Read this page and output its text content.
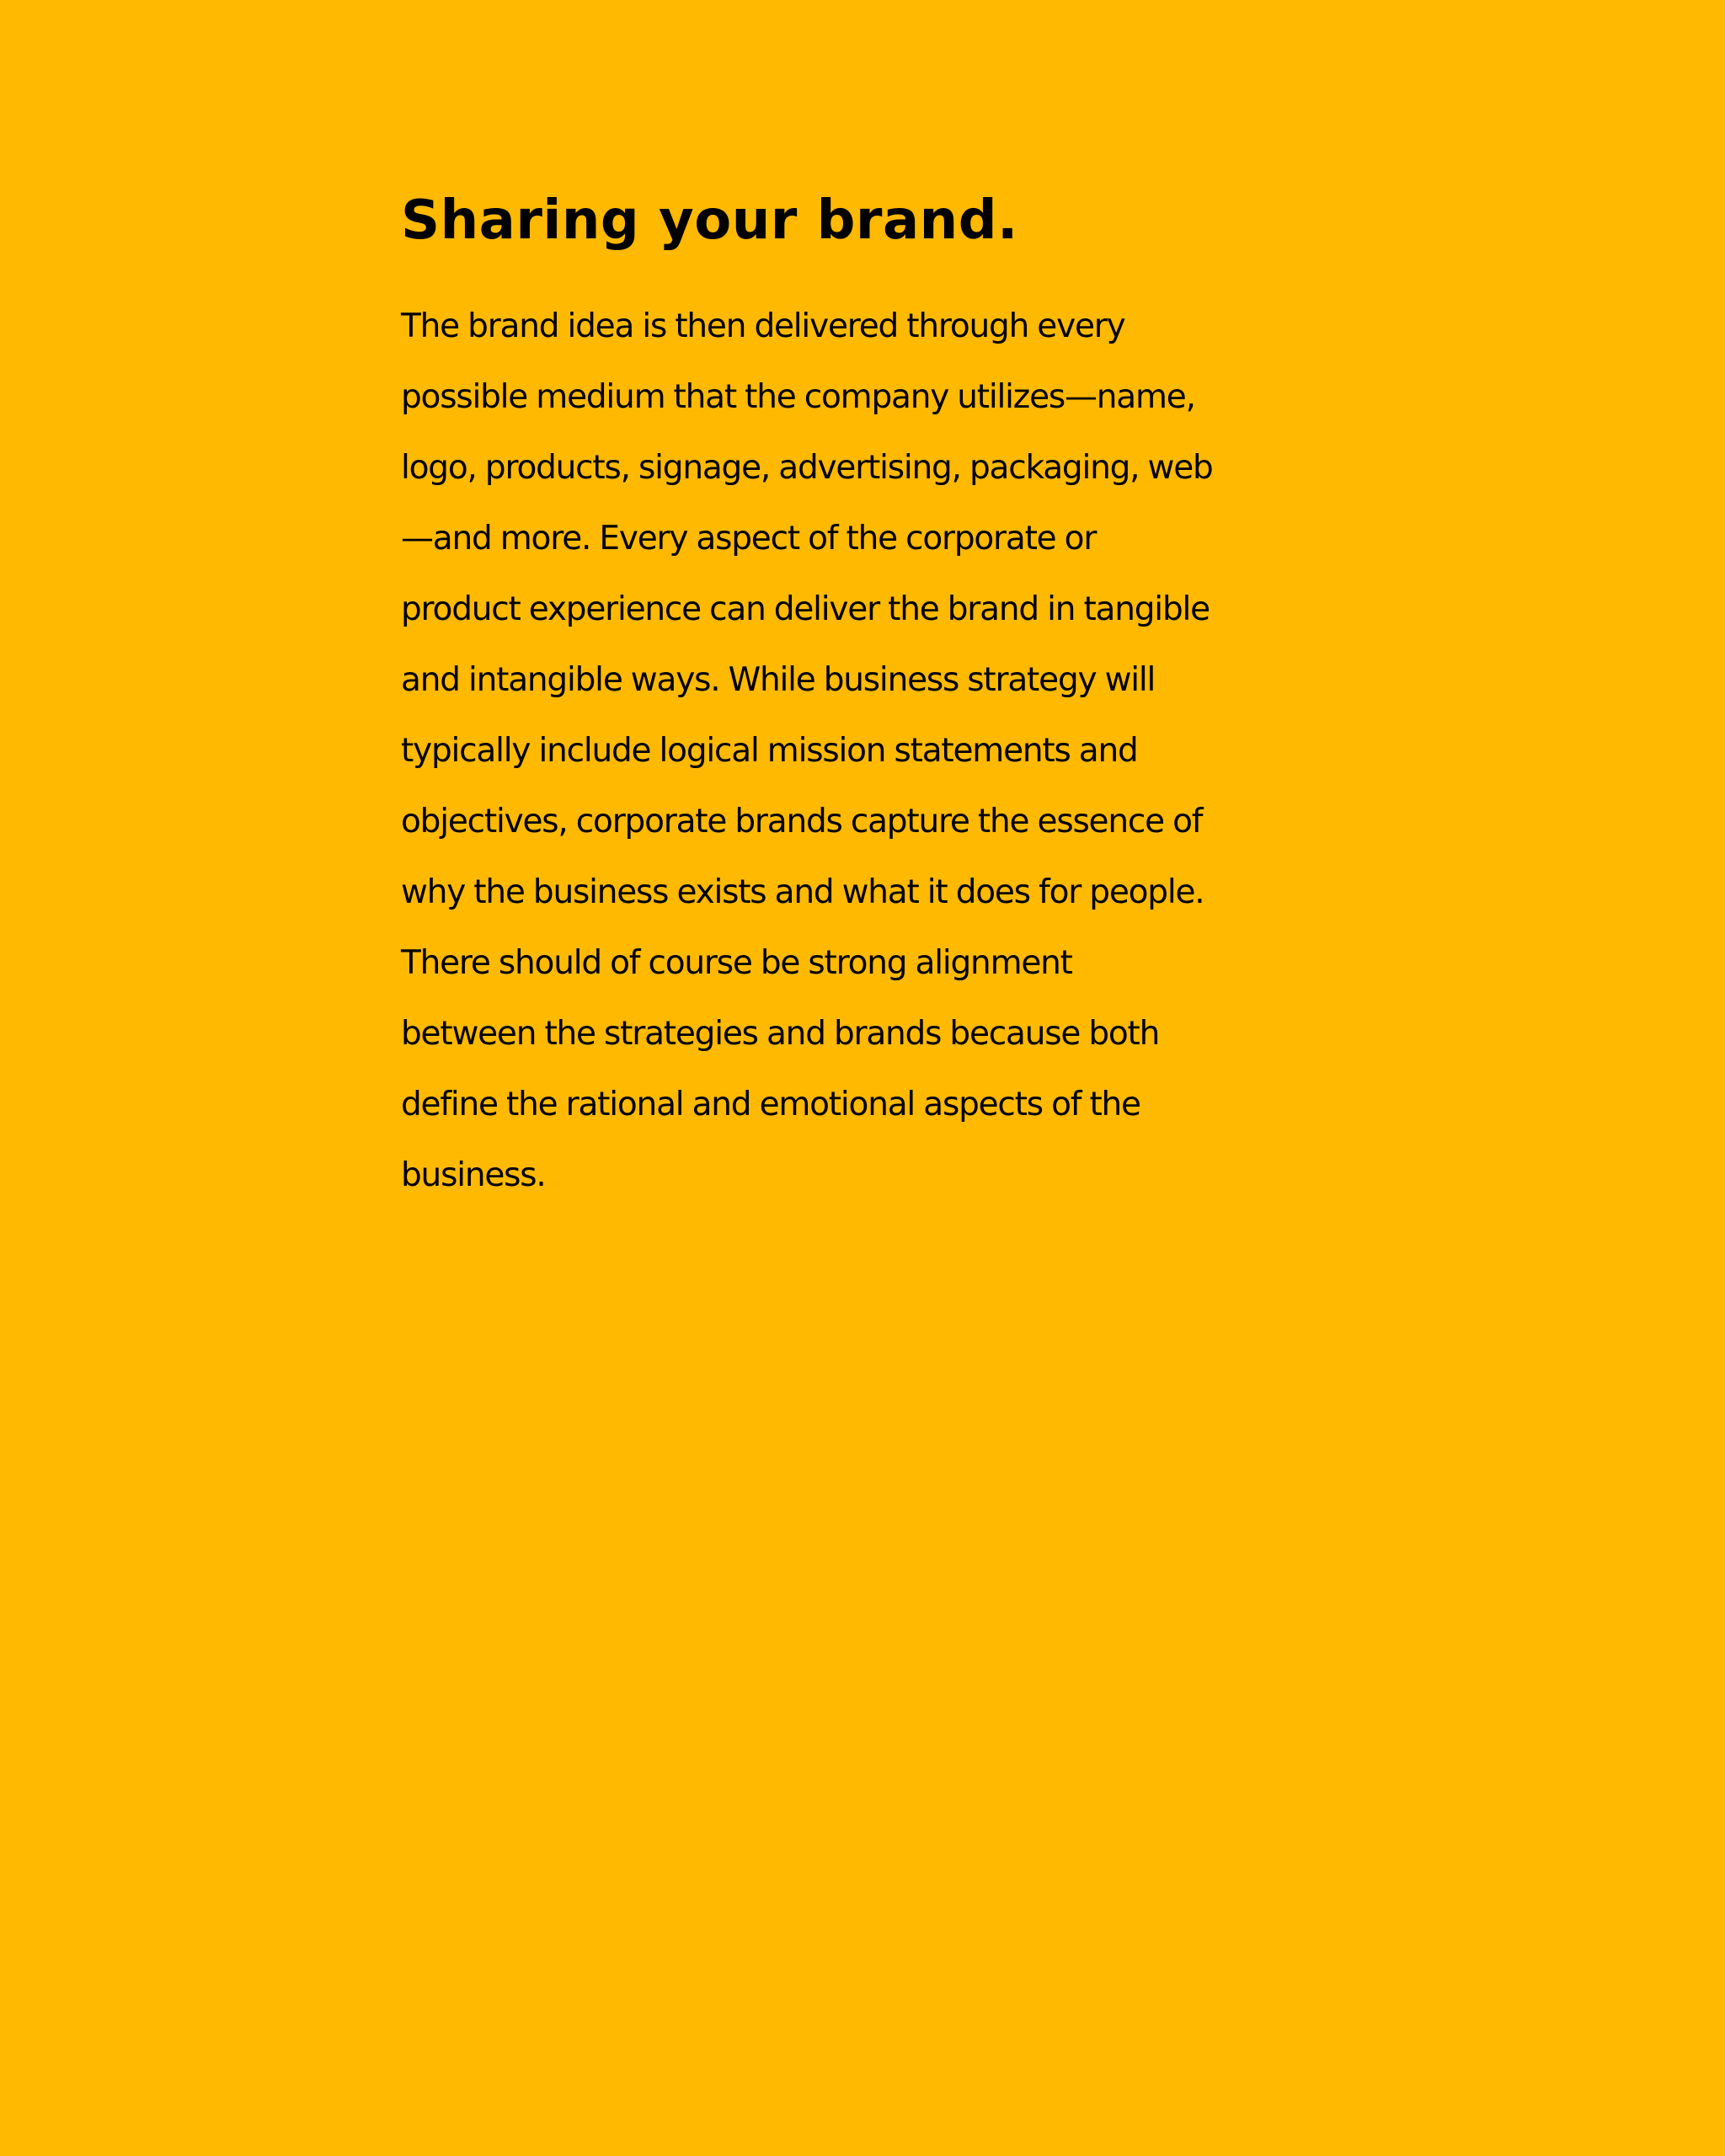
Sharing your brand.
The brand idea is then delivered through every
possible medium that the company utilizes—name,
logo, products, signage, advertising, packaging, web
—and more. Every aspect of the corporate or
product experience can deliver the brand in tangible
and intangible ways. While business strategy will
typically include logical mission statements and
objectives, corporate brands capture the essence of
why the business exists and what it does for people.
There should of course be strong alignment
between the strategies and brands because both
define the rational and emotional aspects of the
business.
